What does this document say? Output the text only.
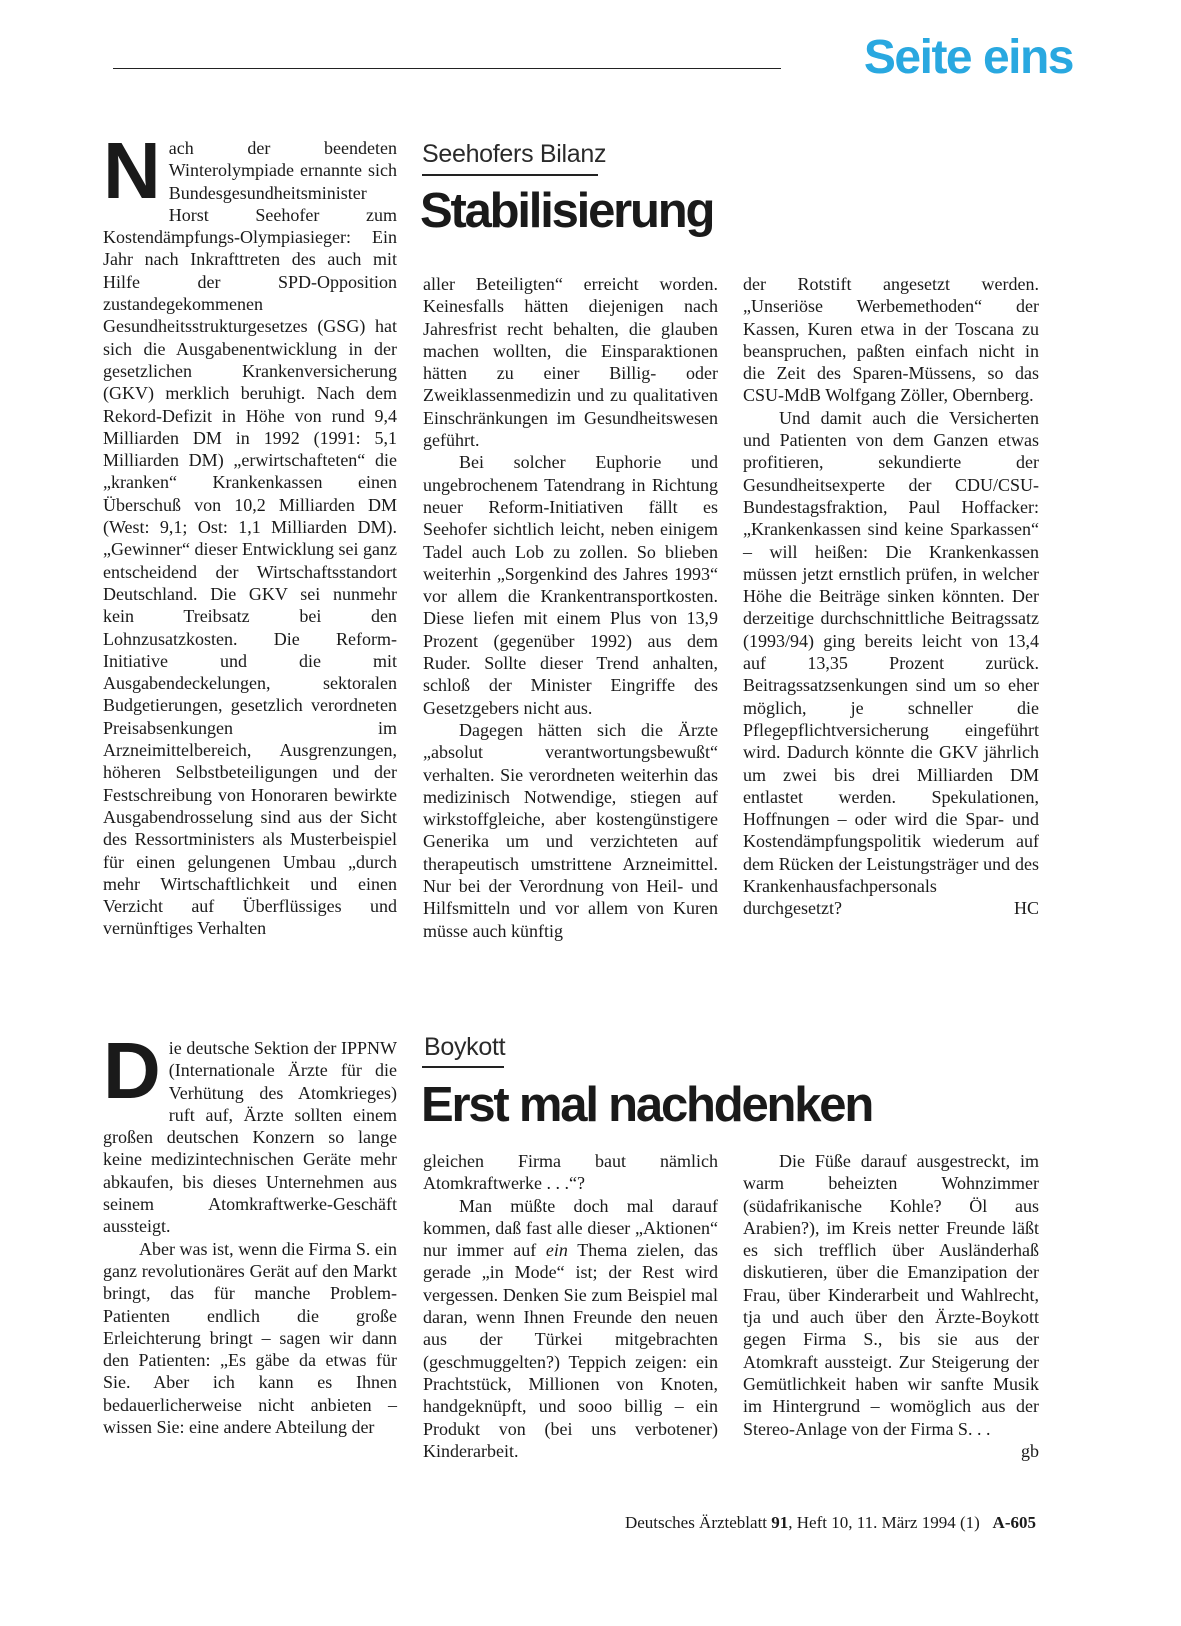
Seite eins
Seehofers Bilanz
Stabilisierung
N ach der beendeten Winterolympiade ernannte sich Bundesgesundheitsminister Horst Seehofer zum Kostendämpfungs-Olympiasieger: Ein Jahr nach Inkrafttreten des auch mit Hilfe der SPD-Opposition zustandegekommenen Gesundheitsstrukturgesetzes (GSG) hat sich die Ausgabenentwicklung in der gesetzlichen Krankenversicherung (GKV) merklich beruhigt. Nach dem Rekord-Defizit in Höhe von rund 9,4 Milliarden DM in 1992 (1991: 5,1 Milliarden DM) „erwirtschafteten“ die „kranken“ Krankenkassen einen Überschuß von 10,2 Milliarden DM (West: 9,1; Ost: 1,1 Milliarden DM). „Gewinner“ dieser Entwicklung sei ganz entscheidend der Wirtschaftsstandort Deutschland. Die GKV sei nunmehr kein Treibsatz bei den Lohnzusatzkosten. Die Reform-Initiative und die mit Ausgabendeckelungen, sektoralen Budgetierungen, gesetzlich verordneten Preisabsenkungen im Arzneimittelbereich, Ausgrenzungen, höheren Selbstbeteiligungen und der Festschreibung von Honoraren bewirkte Ausgabendrosselung sind aus der Sicht des Ressortministers als Musterbeispiel für einen gelungenen Umbau „durch mehr Wirtschaftlichkeit und einen Verzicht auf Überflüssiges und vernünftiges Verhalten

aller Beteiligten“ erreicht worden. Keinesfalls hätten diejenigen nach Jahresfrist recht behalten, die glauben machen wollten, die Einsparaktionen hätten zu einer Billig- oder Zweiklassenmedizin und zu qualitativen Einschränkungen im Gesundheitswesen geführt.

Bei solcher Euphorie und ungebrochenem Tatendrang in Richtung neuer Reform-Initiativen fällt es Seehofer sichtlich leicht, neben einigem Tadel auch Lob zu zollen. So blieben weiterhin „Sorgenkind des Jahres 1993“ vor allem die Krankentransportkosten. Diese liefen mit einem Plus von 13,9 Prozent (gegenüber 1992) aus dem Ruder. Sollte dieser Trend anhalten, schloß der Minister Eingriffe des Gesetzgebers nicht aus.

Dagegen hätten sich die Ärzte „absolut verantwortungsbewußt“ verhalten. Sie verordneten weiterhin das medizinisch Notwendige, stiegen auf wirkstoffgleiche, aber kostengünstigere Generika um und verzichteten auf therapeutisch umstrittene Arzneimittel. Nur bei der Verordnung von Heil- und Hilfsmitteln und vor allem von Kuren müsse auch künftig

der Rotstift angesetzt werden. „Unseriöse Werbemethoden“ der Kassen, Kuren etwa in der Toscana zu beanspruchen, paßten einfach nicht in die Zeit des Sparen-Müssens, so das CSU-MdB Wolfgang Zöller, Obernberg.

Und damit auch die Versicherten und Patienten von dem Ganzen etwas profitieren, sekundierte der Gesundheitsexperte der CDU/CSU-Bundestagsfraktion, Paul Hoffacker: „Krankenkassen sind keine Sparkassen“ – will heißen: Die Krankenkassen müssen jetzt ernstlich prüfen, in welcher Höhe die Beiträge sinken könnten. Der derzeitige durchschnittliche Beitragssatz (1993/94) ging bereits leicht von 13,4 auf 13,35 Prozent zurück. Beitragssatzsenkungen sind um so eher möglich, je schneller die Pflegepflichtversicherung eingeführt wird. Dadurch könnte die GKV jährlich um zwei bis drei Milliarden DM entlastet werden. Spekulationen, Hoffnungen – oder wird die Spar- und Kostendämpfungspolitik wiederum auf dem Rücken der Leistungsträger und des Krankenhausfachpersonals durchgesetzt?	HC

Boykott
Erst mal nachdenken
D ie deutsche Sektion der IPPNW (Internationale Ärzte für die Verhütung des Atomkrieges) ruft auf, Ärzte sollten einem großen deutschen Konzern so lange keine medizintechnischen Geräte mehr abkaufen, bis dieses Unternehmen aus seinem Atomkraftwerke-Geschäft aussteigt.

Aber was ist, wenn die Firma S. ein ganz revolutionäres Gerät auf den Markt bringt, das für manche Problem-Patienten endlich die große Erleichterung bringt – sagen wir dann den Patienten: „Es gäbe da etwas für Sie. Aber ich kann es Ihnen bedauerlicherweise nicht anbieten – wissen Sie: eine andere Abteilung der

gleichen Firma baut nämlich Atomkraftwerke . . .“?

Man müßte doch mal darauf kommen, daß fast alle dieser „Aktionen“ nur immer auf ein Thema zielen, das gerade „in Mode“ ist; der Rest wird vergessen. Denken Sie zum Beispiel mal daran, wenn Ihnen Freunde den neuen aus der Türkei mitgebrachten (geschmuggelten?) Teppich zeigen: ein Prachtstück, Millionen von Knoten, handgeknüpft, und sooo billig – ein Produkt von (bei uns verbotener) Kinderarbeit.

Die Füße darauf ausgestreckt, im warm beheizten Wohnzimmer (südafrikanische Kohle? Öl aus Arabien?), im Kreis netter Freunde läßt es sich trefflich über Ausländerhaß diskutieren, über die Emanzipation der Frau, über Kinderarbeit und Wahlrecht, tja und auch über den Ärzte-Boykott gegen Firma S., bis sie aus der Atomkraft aussteigt. Zur Steigerung der Gemütlichkeit haben wir sanfte Musik im Hintergrund – womöglich aus der Stereo-Anlage von der Firma S. . .
gb

Deutsches Ärzteblatt 91, Heft 10, 11. März 1994 (1) A-605
